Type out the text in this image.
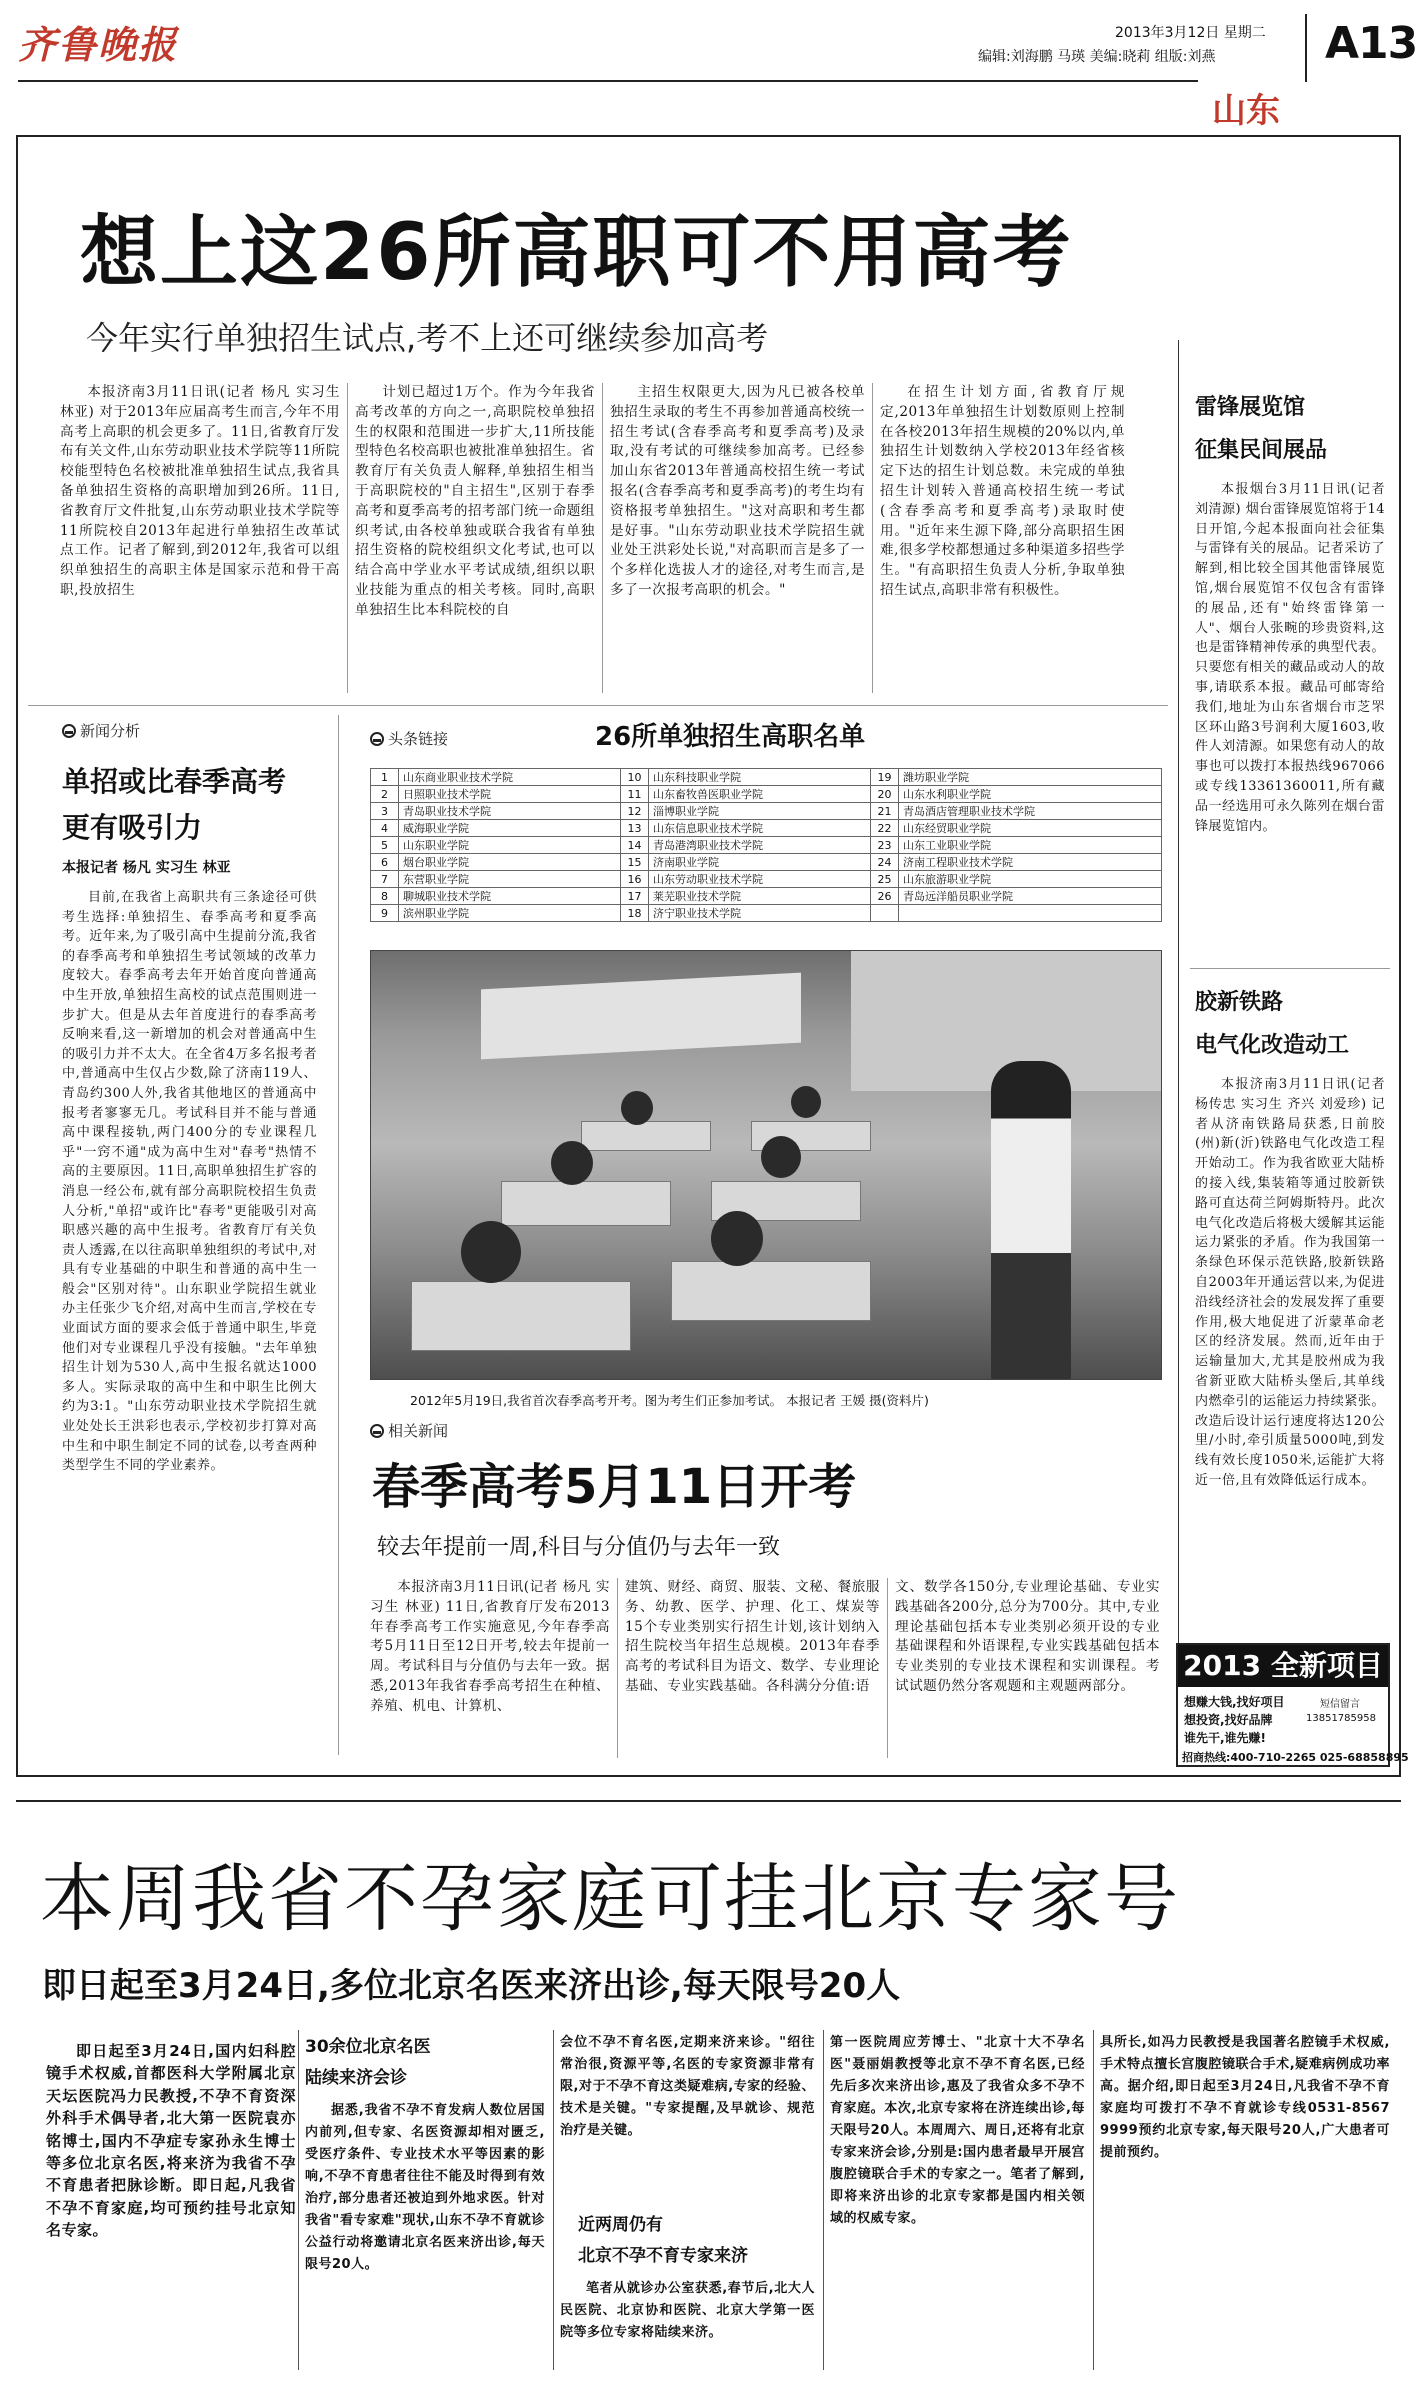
齐鲁晚报	2013年3月12日 星期二
编辑:刘海鹏 马瑛 美编:晓莉 组版:刘燕 A13
山东
想上这26所高职可不用高考
今年实行单独招生试点,考不上还可继续参加高考

本报济南3月11日讯(记者 杨凡 实习生 林亚) 对于2013年应届高考生而言,今年不用高考上高职的机会更多了。11日,省教育厅发布有关文件,山东劳动职业技术学院等11所院校能型特色名校被批准单独招生试点,我省具备单独招生资格的高职增加到26所。11日,省教育厅文件批复,山东劳动职业技术学院等11所院校自2013年起进行单独招生改革试点工作。记者了解到,到2012年,我省可以组织单独招生的高职主体是国家示范和骨干高职,投放招生

计划已超过1万个。作为今年我省高考改革的方向之一,高职院校单独招生的权限和范围进一步扩大,11所技能型特色名校高职也被批准单独招生。省教育厅有关负责人解释,单独招生相当于高职院校的"自主招生",区别于春季高考和夏季高考的招考部门统一命题组织考试,由各校单独或联合我省有单独招生资格的院校组织文化考试,也可以结合高中学业水平考试成绩,组织以职业技能为重点的相关考核。同时,高职单独招生比本科院校的自

主招生权限更大,因为凡已被各校单独招生录取的考生不再参加普通高校统一招生考试(含春季高考和夏季高考)及录取,没有考试的可继续参加高考。已经参加山东省2013年普通高校招生统一考试报名(含春季高考和夏季高考)的考生均有资格报考单独招生。"这对高职和考生都是好事。"山东劳动职业技术学院招生就业处王洪彩处长说,"对高职而言是多了一个多样化选拔人才的途径,对考生而言,是多了一次报考高职的机会。"

在招生计划方面,省教育厅规定,2013年单独招生计划数原则上控制在各校2013年招生规模的20%以内,单独招生计划数纳入学校2013年经省核定下达的招生计划总数。未完成的单独招生计划转入普通高校招生统一考试(含春季高考和夏季高考)录取时使用。"近年来生源下降,部分高职招生困难,很多学校都想通过多种渠道多招些学生。"有高职招生负责人分析,争取单独招生试点,高职非常有积极性。

新闻分析
单招或比春季高考
更有吸引力
本报记者 杨凡 实习生 林亚

目前,在我省上高职共有三条途径可供考生选择:单独招生、春季高考和夏季高考。近年来,为了吸引高中生提前分流,我省的春季高考和单独招生考试领域的改革力度较大。春季高考去年开始首度向普通高中生开放,单独招生高校的试点范围则进一步扩大。但是从去年首度进行的春季高考反响来看,这一新增加的机会对普通高中生的吸引力并不太大。在全省4万多名报考者中,普通高中生仅占少数,除了济南119人、青岛约300人外,我省其他地区的普通高中报考者寥寥无几。考试科目并不能与普通高中课程接轨,两门400分的专业课程几乎"一窍不通"成为高中生对"春考"热情不高的主要原因。11日,高职单独招生扩容的消息一经公布,就有部分高职院校招生负责人分析,"单招"或许比"春考"更能吸引对高职感兴趣的高中生报考。省教育厅有关负责人透露,在以往高职单独组织的考试中,对具有专业基础的中职生和普通的高中生一般会"区别对待"。山东职业学院招生就业办主任张少飞介绍,对高中生而言,学校在专业面试方面的要求会低于普通中职生,毕竟他们对专业课程几乎没有接触。"去年单独招生计划为530人,高中生报名就达1000多人。实际录取的高中生和中职生比例大约为3:1。"山东劳动职业技术学院招生就业处处长王洪彩也表示,学校初步打算对高中生和中职生制定不同的试卷,以考查两种类型学生不同的学业素养。

头条链接	26所单独招生高职名单
1	山东商业职业技术学院	10	山东科技职业学院	19	潍坊职业学院
2	日照职业技术学院	11	山东畜牧兽医职业学院	20	山东水利职业学院
3	青岛职业技术学院	12	淄博职业学院	21	青岛酒店管理职业技术学院
4	威海职业学院	13	山东信息职业技术学院	22	山东经贸职业学院
5	山东职业学院	14	青岛港湾职业技术学院	23	山东工业职业学院
6	烟台职业学院	15	济南职业学院	24	济南工程职业技术学院
7	东营职业学院	16	山东劳动职业技术学院	25	山东旅游职业学院
8	聊城职业技术学院	17	莱芜职业技术学院	26	青岛远洋船员职业学院
9	滨州职业学院	18	济宁职业技术学院		
2012年5月19日,我省首次春季高考开考。图为考生们正参加考试。 本报记者 王媛 摄(资料片)
相关新闻
春季高考5月11日开考
较去年提前一周,科目与分值仍与去年一致

本报济南3月11日讯(记者 杨凡 实习生 林亚) 11日,省教育厅发布2013年春季高考工作实施意见,今年春季高考5月11日至12日开考,较去年提前一周。考试科目与分值仍与去年一致。据悉,2013年我省春季高考招生在种植、养殖、机电、计算机、

建筑、财经、商贸、服装、文秘、餐旅服务、幼教、医学、护理、化工、煤炭等15个专业类别实行招生计划,该计划纳入招生院校当年招生总规模。2013年春季高考的考试科目为语文、数学、专业理论基础、专业实践基础。各科满分分值:语

文、数学各150分,专业理论基础、专业实践基础各200分,总分为700分。其中,专业理论基础包括本专业类别必须开设的专业基础课程和外语课程,专业实践基础包括本专业类别的专业技术课程和实训课程。考试试题仍然分客观题和主观题两部分。

雷锋展览馆
征集民间展品

本报烟台3月11日讯(记者 刘清源) 烟台雷锋展览馆将于14日开馆,今起本报面向社会征集与雷锋有关的展品。记者采访了解到,相比较全国其他雷锋展览馆,烟台展览馆不仅包含有雷锋的展品,还有"始终雷锋第一人"、烟台人张畹的珍贵资料,这也是雷锋精神传承的典型代表。只要您有相关的藏品或动人的故事,请联系本报。藏品可邮寄给我们,地址为山东省烟台市芝罘区环山路3号润利大厦1603,收件人刘清源。如果您有动人的故事也可以拨打本报热线967066或专线13361360011,所有藏品一经选用可永久陈列在烟台雷锋展览馆内。

胶新铁路
电气化改造动工

本报济南3月11日讯(记者 杨传忠 实习生 齐兴 刘爱珍) 记者从济南铁路局获悉,日前胶(州)新(沂)铁路电气化改造工程开始动工。作为我省欧亚大陆桥的接入线,集装箱等通过胶新铁路可直达荷兰阿姆斯特丹。此次电气化改造后将极大缓解其运能运力紧张的矛盾。作为我国第一条绿色环保示范铁路,胶新铁路自2003年开通运营以来,为促进沿线经济社会的发展发挥了重要作用,极大地促进了沂蒙革命老区的经济发展。然而,近年由于运输量加大,尤其是胶州成为我省新亚欧大陆桥头堡后,其单线内燃牵引的运能运力持续紧张。改造后设计运行速度将达120公里/小时,牵引质量5000吨,到发线有效长度1050米,运能扩大将近一倍,且有效降低运行成本。

2013 全新项目
想赚大钱,找好项目
想投资,找好品牌
谁先干,谁先赚!
短信留言
13851785958
招商热线:400-710-2265 025-68858895
本周我省不孕家庭可挂北京专家号
即日起至3月24日,多位北京名医来济出诊,每天限号20人

即日起至3月24日,国内妇科腔镜手术权威,首都医科大学附属北京天坛医院冯力民教授,不孕不育资深外科手术偶导者,北大第一医院袁亦铭博士,国内不孕症专家孙永生博士等多位北京名医,将来济为我省不孕不育患者把脉诊断。即日起,凡我省不孕不育家庭,均可预约挂号北京知名专家。

30余位北京名医
陆续来济会诊

据悉,我省不孕不育发病人数位居国内前列,但专家、名医资源却相对匮乏,受医疗条件、专业技术水平等因素的影响,不孕不育患者往往不能及时得到有效治疗,部分患者还被迫到外地求医。针对我省"看专家难"现状,山东不孕不育就诊公益行动将邀请北京名医来济出诊,每天限号20人。

会位不孕不育名医,定期来济来诊。"绍往常治很,资源平等,名医的专家资源非常有限,对于不孕不育这类疑难病,专家的经验、技术是关键。"专家提醒,及早就诊、规范治疗是关键。

近两周仍有
北京不孕不育专家来济

笔者从就诊办公室获悉,春节后,北大人民医院、北京协和医院、北京大学第一医院等多位专家将陆续来济。

第一医院周应芳博士、"北京十大不孕名医"聂丽娟教授等北京不孕不育名医,已经先后多次来济出诊,惠及了我省众多不孕不育家庭。本次,北京专家将在济连续出诊,每天限号20人。本周周六、周日,还将有北京专家来济会诊,分别是:国内患者最早开展宫腹腔镜联合手术的专家之一。笔者了解到,即将来济出诊的北京专家都是国内相关领域的权威专家。

具所长,如冯力民教授是我国著名腔镜手术权威,手术特点擅长宫腹腔镜联合手术,疑难病例成功率高。据介绍,即日起至3月24日,凡我省不孕不育家庭均可拨打不孕不育就诊专线0531-8567 9999预约北京专家,每天限号20人,广大患者可提前预约。
